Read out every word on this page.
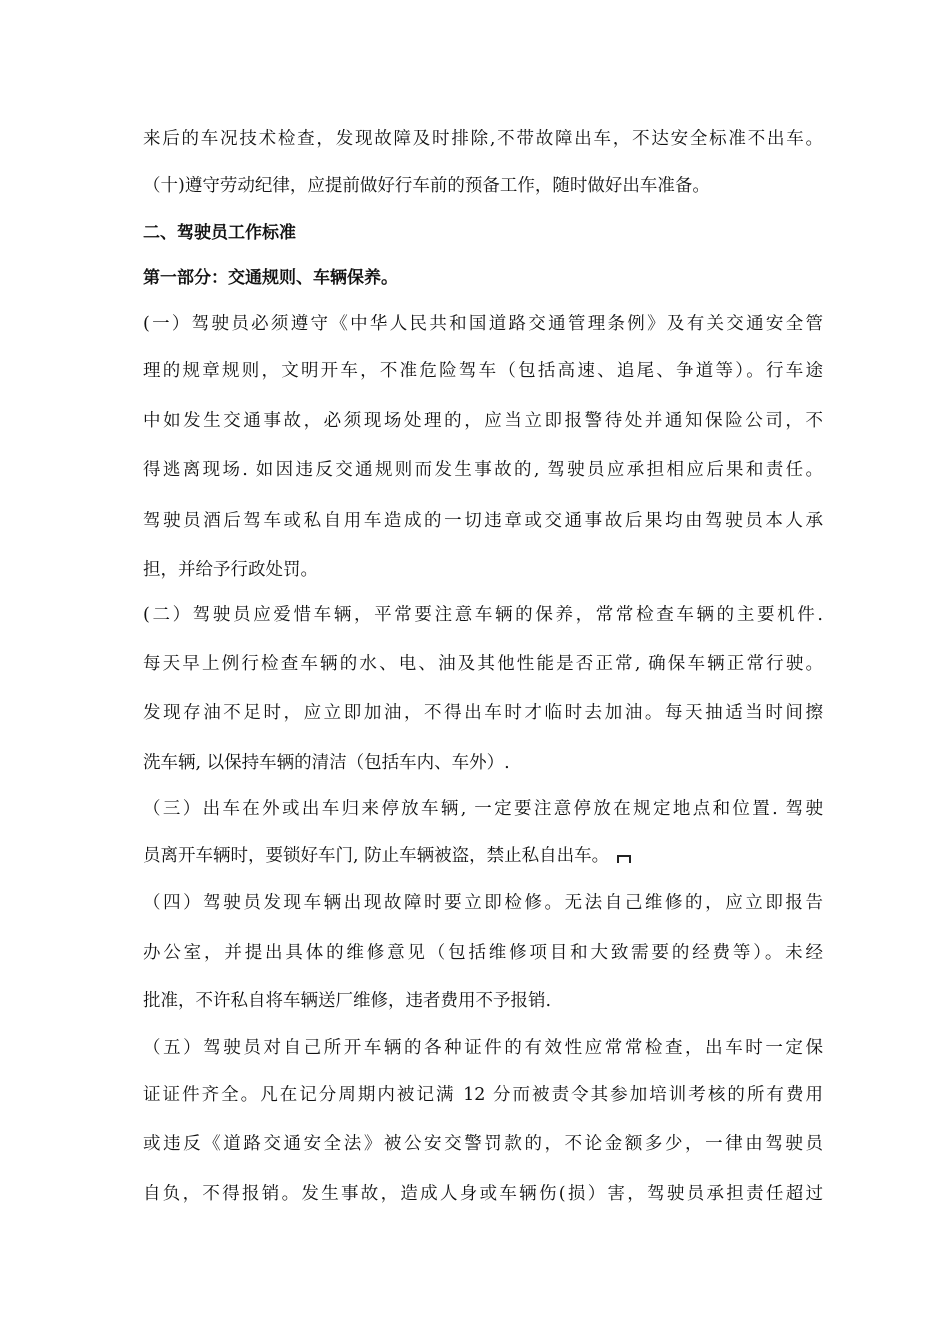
来后的车况技术检查，发现故障及时排除,不带故障出车，不达安全标准不出车。
（十)遵守劳动纪律，应提前做好行车前的预备工作，随时做好出车准备。
二、驾驶员工作标准
第一部分：交通规则、车辆保养。
(一）驾驶员必须遵守《中华人民共和国道路交通管理条例》及有关交通安全管
理的规章规则，文明开车，不准危险驾车（包括高速、追尾、争道等）。行车途
中如发生交通事故，必须现场处理的，应当立即报警待处并通知保险公司，不
得逃离现场. 如因违反交通规则而发生事故的, 驾驶员应承担相应后果和责任。
驾驶员酒后驾车或私自用车造成的一切违章或交通事故后果均由驾驶员本人承
担，并给予行政处罚。
(二）驾驶员应爱惜车辆，平常要注意车辆的保养，常常检查车辆的主要机件.
每天早上例行检查车辆的水、电、油及其他性能是否正常, 确保车辆正常行驶。
发现存油不足时，应立即加油，不得出车时才临时去加油。每天抽适当时间擦
洗车辆, 以保持车辆的清洁（包括车内、车外）.
（三）出车在外或出车归来停放车辆, 一定要注意停放在规定地点和位置. 驾驶
员离开车辆时，要锁好车门, 防止车辆被盗，禁止私自出车。
（四）驾驶员发现车辆出现故障时要立即检修。无法自己维修的，应立即报告
办公室，并提出具体的维修意见（包括维修项目和大致需要的经费等）。未经
批准，不许私自将车辆送厂维修，违者费用不予报销.
（五）驾驶员对自己所开车辆的各种证件的有效性应常常检查，出车时一定保
证证件齐全。凡在记分周期内被记满 12 分而被责令其参加培训考核的所有费用
或违反《道路交通安全法》被公安交警罚款的，不论金额多少，一律由驾驶员
自负，不得报销。发生事故，造成人身或车辆伤(损）害，驾驶员承担责任超过
